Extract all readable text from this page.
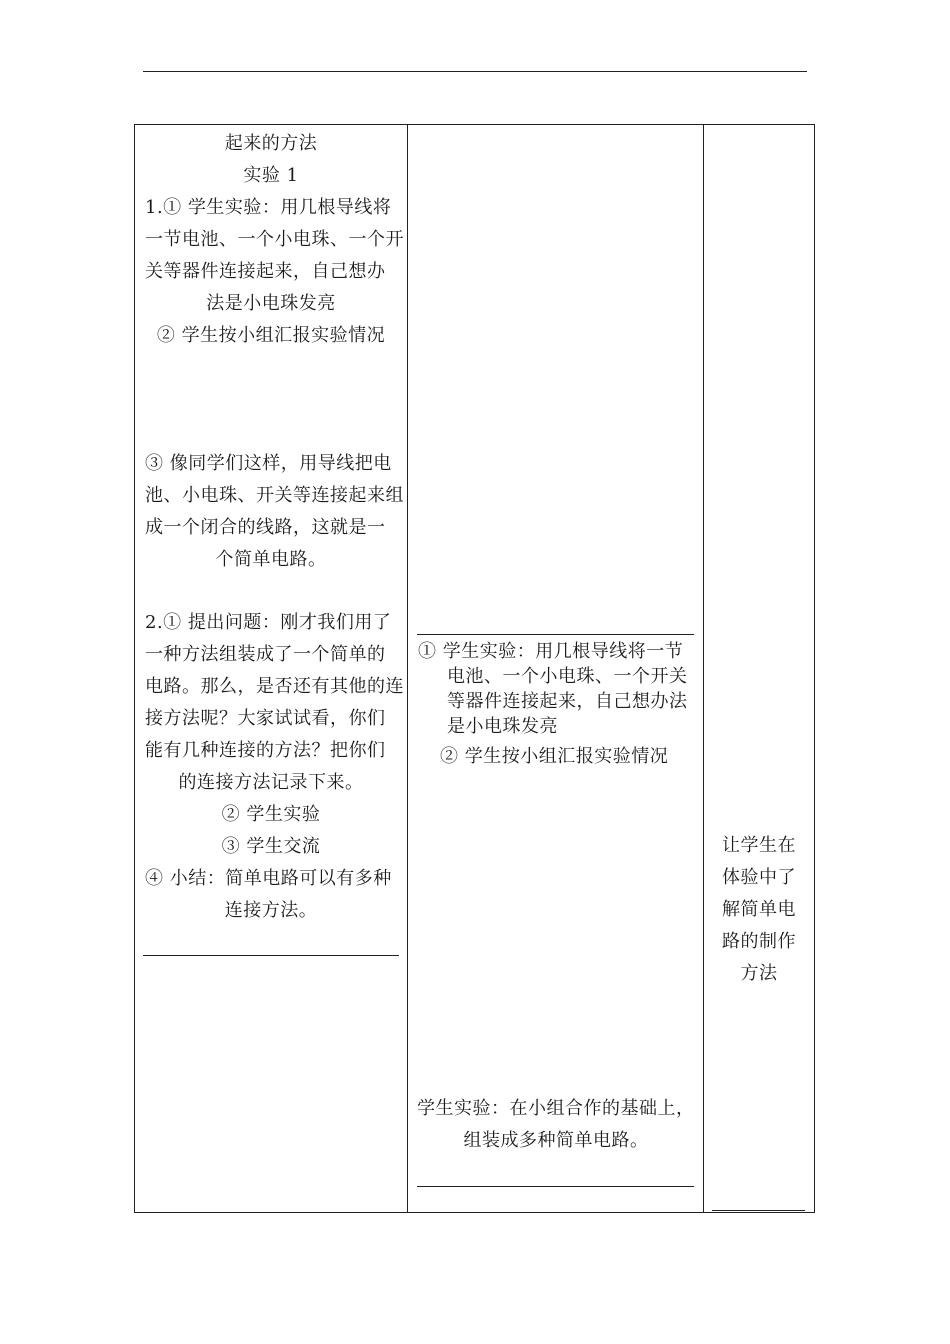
起来的方法
实验 1
1.① 学生实验：用几根导线将
一节电池、一个小电珠、一个开
关等器件连接起来，自己想办
法是小电珠发亮
② 学生按小组汇报实验情况
③ 像同学们这样，用导线把电
池、小电珠、开关等连接起来组
成一个闭合的线路，这就是一
个简单电路。
2.① 提出问题：刚才我们用了
一种方法组装成了一个简单的
电路。那么，是否还有其他的连
接方法呢？大家试试看，你们
能有几种连接的方法？把你们
的连接方法记录下来。
② 学生实验
③ 学生交流
④ 小结：简单电路可以有多种
连接方法。
① 学生实验：用几根导线将一节
电池、一个小电珠、一个开关
等器件连接起来，自己想办法
是小电珠发亮
② 学生按小组汇报实验情况
学生实验：在小组合作的基础上，
组装成多种简单电路。
让学生在
体验中了
解简单电
路的制作
方法
